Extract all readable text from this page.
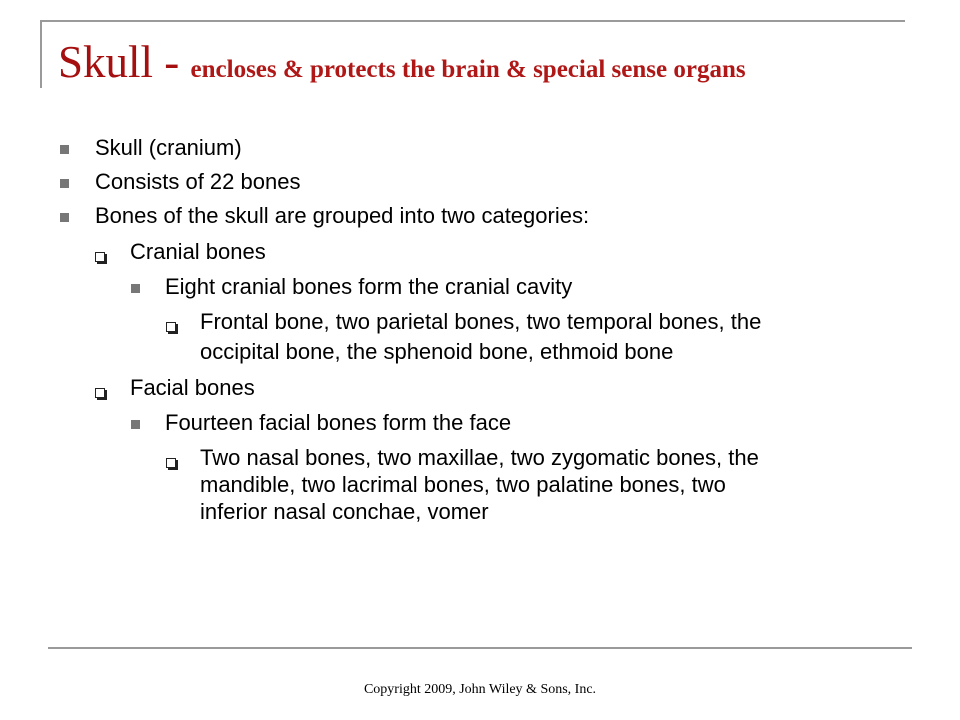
Skull - encloses & protects the brain & special sense organs
Skull (cranium)
Consists of 22 bones
Bones of the skull are grouped into two categories:
Cranial bones
Eight cranial bones form the cranial cavity
Frontal bone, two parietal bones, two temporal bones, the
occipital bone, the sphenoid bone, ethmoid bone
Facial bones
Fourteen facial bones form the face
Two nasal bones, two maxillae, two zygomatic bones, the
mandible, two lacrimal bones, two palatine bones, two
inferior nasal conchae, vomer
Copyright 2009, John Wiley & Sons, Inc.
